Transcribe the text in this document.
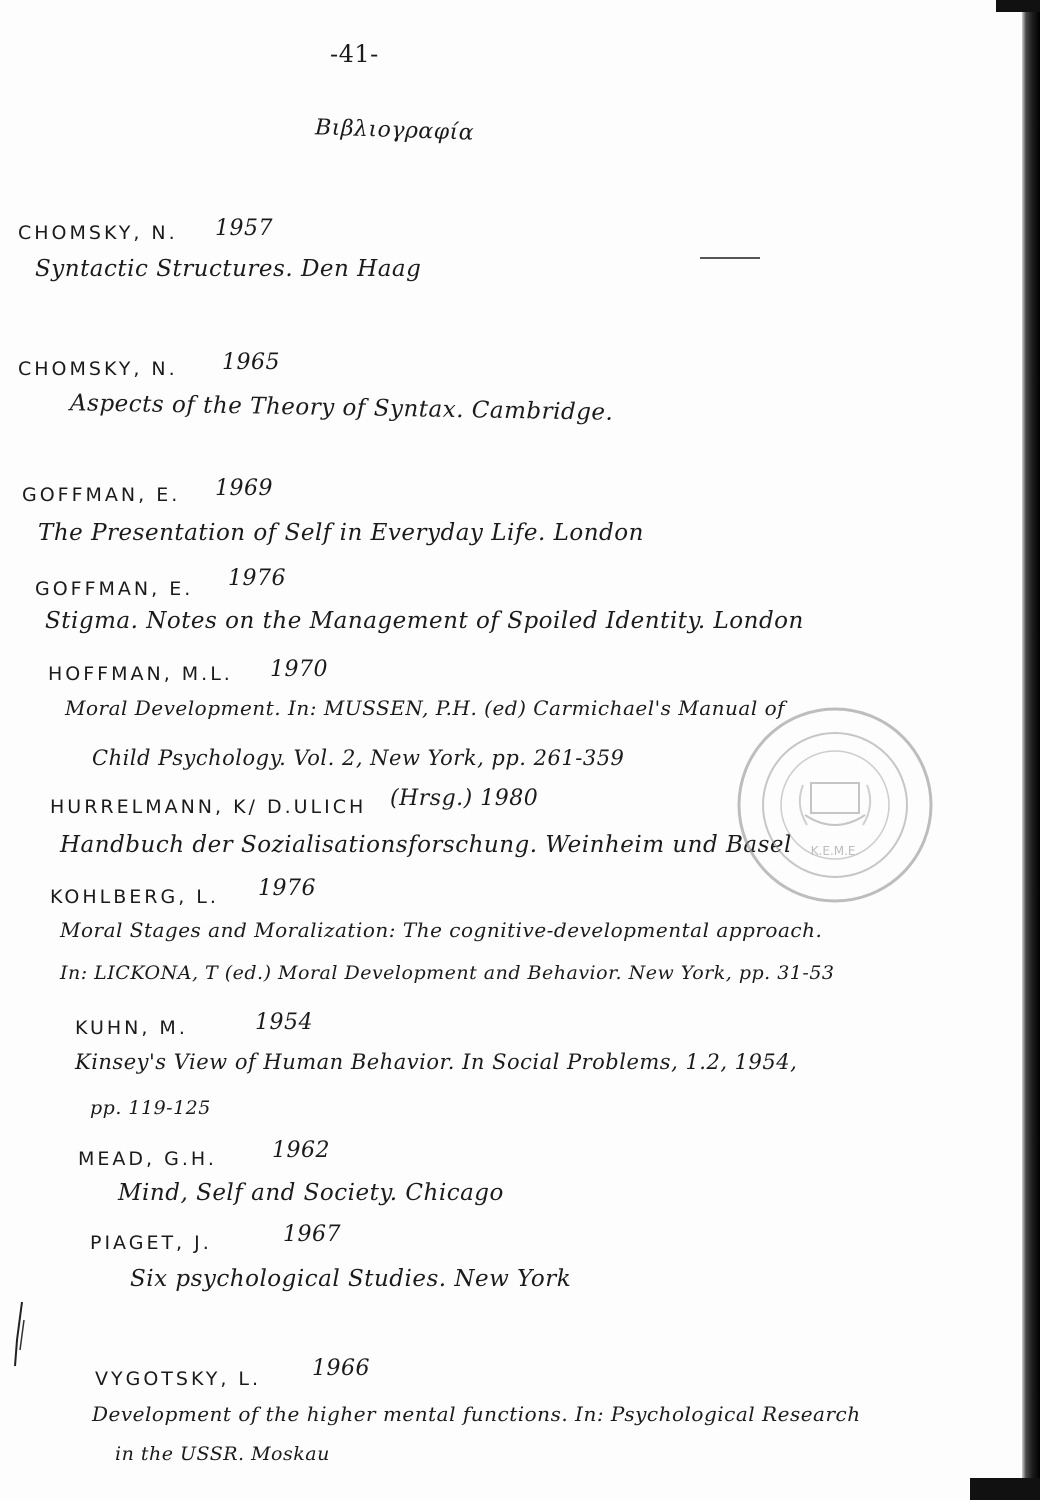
-41-
Βιβλιογραφία
CHOMSKY, N. 1957
Syntactic Structures. Den Haag
CHOMSKY, N. 1965
Aspects of the Theory of Syntax. Cambridge.
GOFFMAN, E. 1969
The Presentation of Self in Everyday Life. London
GOFFMAN, E. 1976
Stigma. Notes on the Management of Spoiled Identity. London
HOFFMAN, M.L. 1970
Moral Development. In: MUSSEN, P.H. (ed) Carmichael's Manual of
Child Psychology. Vol. 2, New York, pp. 261-359
HURRELMANN, K/ D.ULICH (Hrsg.) 1980
Handbuch der Sozialisationsforschung. Weinheim und Basel
KOHLBERG, L. 1976
Moral Stages and Moralization: The cognitive-developmental approach.
In: LICKONA, T (ed.) Moral Development and Behavior. New York, pp. 31-53
KUHN, M.	1954
Kinsey's View of Human Behavior. In Social Problems, 1.2, 1954,
pp. 119-125
MEAD, G.H.	1962
Mind, Self and Society. Chicago
PIAGET, J.	1967
Six psychological Studies. New York
VYGOTSKY, L. 1966
Development of the higher mental functions. In: Psychological Research
in the USSR. Moskau
Κ.Ε.Μ.Ε.
